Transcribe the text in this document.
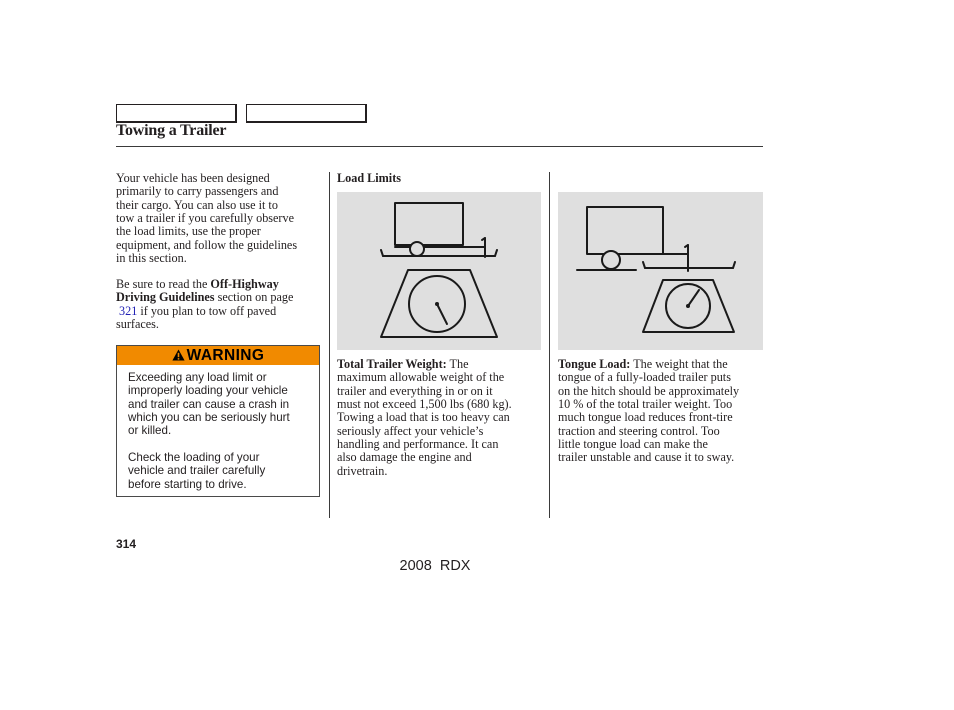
Towing a Trailer
Your vehicle has been designed
primarily to carry passengers and
their cargo. You can also use it to
tow a trailer if you carefully observe
the load limits, use the proper
equipment, and follow the guidelines
in this section.
Be sure to read the Off-Highway
Driving Guidelines section on page
321 if you plan to tow off paved
surfaces.
WARNING
Exceeding any load limit or
improperly loading your vehicle
and trailer can cause a crash in
which you can be seriously hurt
or killed.
Check the loading of your
vehicle and trailer carefully
before starting to drive.
Load Limits
Total Trailer Weight: The
maximum allowable weight of the
trailer and everything in or on it
must not exceed 1,500 lbs (680 kg).
Towing a load that is too heavy can
seriously affect your vehicle’s
handling and performance. It can
also damage the engine and
drivetrain.
Tongue Load: The weight that the
tongue of a fully-loaded trailer puts
on the hitch should be approximately
10 % of the total trailer weight. Too
much tongue load reduces front-tire
traction and steering control. Too
little tongue load can make the
trailer unstable and cause it to sway.
314
2008  RDX
